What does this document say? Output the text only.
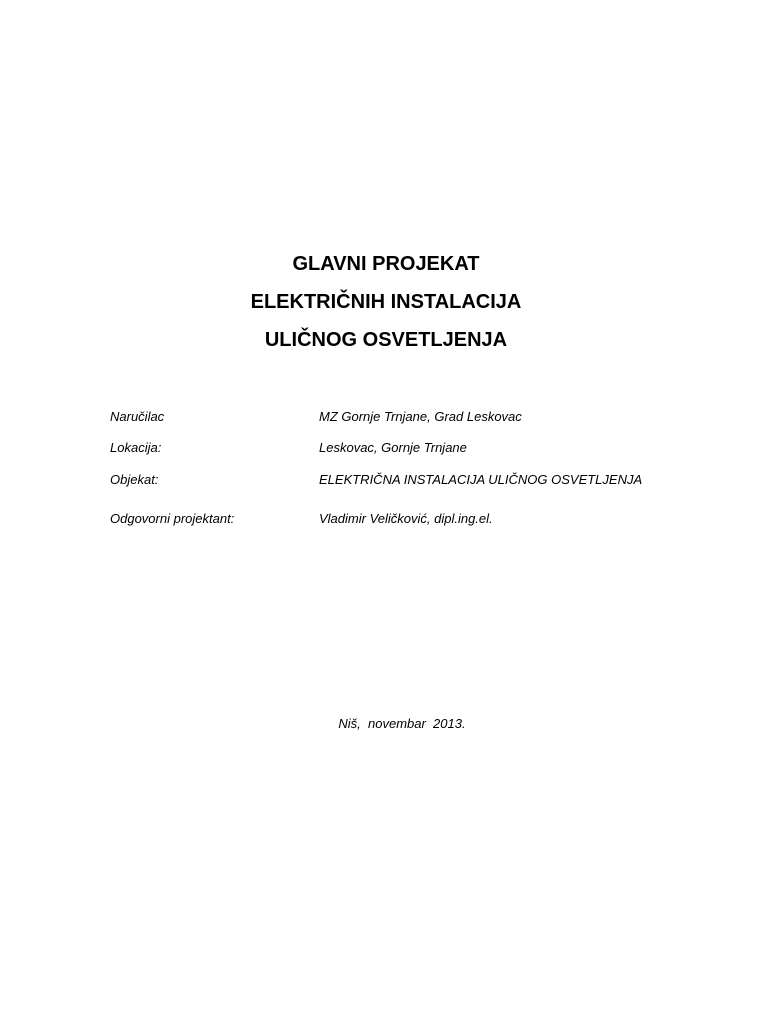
GLAVNI PROJEKAT
ELEKTRIČNIH INSTALACIJA
ULIČNOG OSVETLJENJA
Naručilac	MZ Gornje Trnjane, Grad Leskovac
Lokacija:	Leskovac, Gornje Trnjane
Objekat:	ELEKTRIČNA INSTALACIJA ULIČNOG OSVETLJENJA
Odgovorni projektant:	Vladimir Veličković, dipl.ing.el.
Niš,  novembar  2013.
